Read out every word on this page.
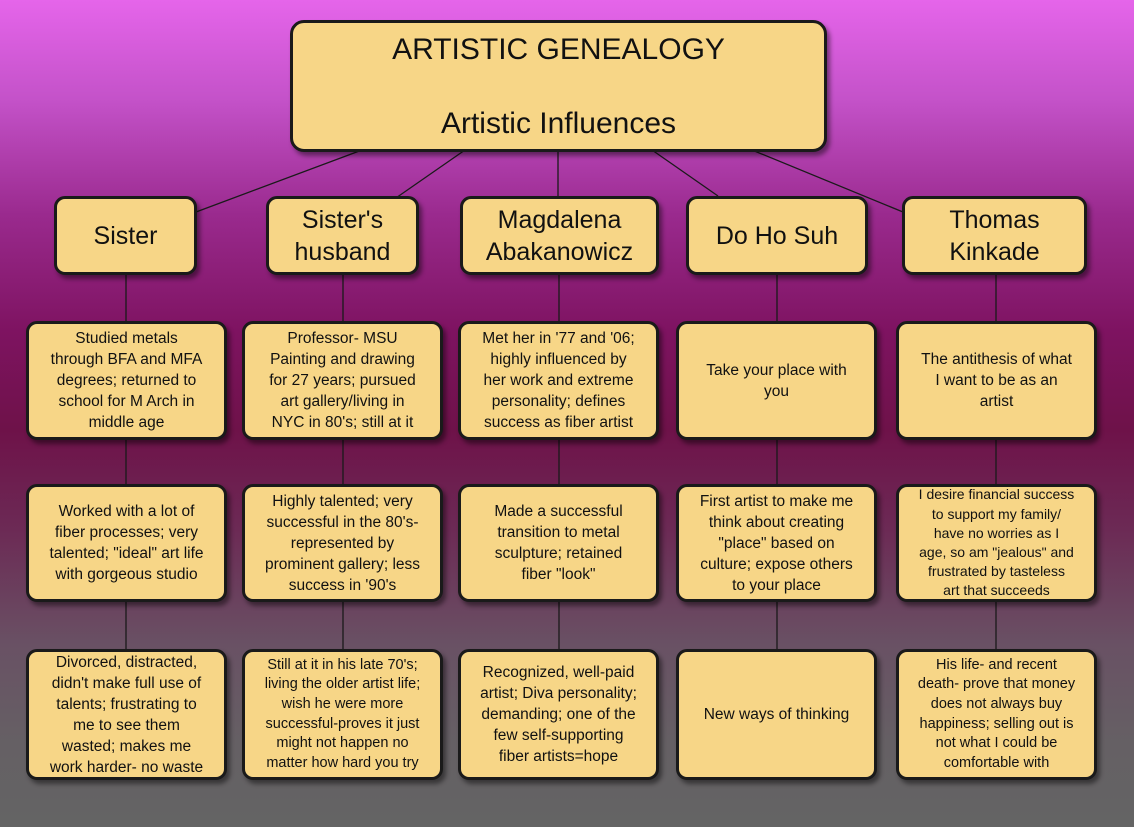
ARTISTIC GENEALOGY

Artistic Influences

Sister
Studied metals
through BFA and MFA
degrees; returned to
school for M Arch in
middle age
Worked with a lot of
fiber processes; very
talented; "ideal" art life
with gorgeous studio
Divorced, distracted,
didn't make full use of
talents; frustrating to
me to see them
wasted; makes me
work harder- no waste
Sister's
husband
Professor- MSU
Painting and drawing
for 27 years; pursued
art gallery/living in
NYC in 80's; still at it
Highly talented; very
successful in the 80's-
represented by
prominent gallery; less
success in '90's
Still at it in his late 70's;
living the older artist life;
wish he were more
successful-proves it just
might not happen no
matter how hard you try
Magdalena
Abakanowicz
Met her in '77 and '06;
highly influenced by
her work and extreme
personality; defines
success as fiber artist
Made a successful
transition to metal
sculpture; retained
fiber "look"
Recognized, well-paid
artist; Diva personality;
demanding; one of the
few self-supporting
fiber artists=hope
Do Ho Suh
Take your place with
you
First artist to make me
think about creating
"place" based on
culture; expose others
to your place
New ways of thinking
Thomas
Kinkade
The antithesis of what
I want to be as an
artist
I desire financial success
to support my family/
have no worries as I
age, so am "jealous" and
frustrated by tasteless
art that succeeds
His life- and recent
death- prove that money
does not always buy
happiness; selling out is
not what I could be
comfortable with
